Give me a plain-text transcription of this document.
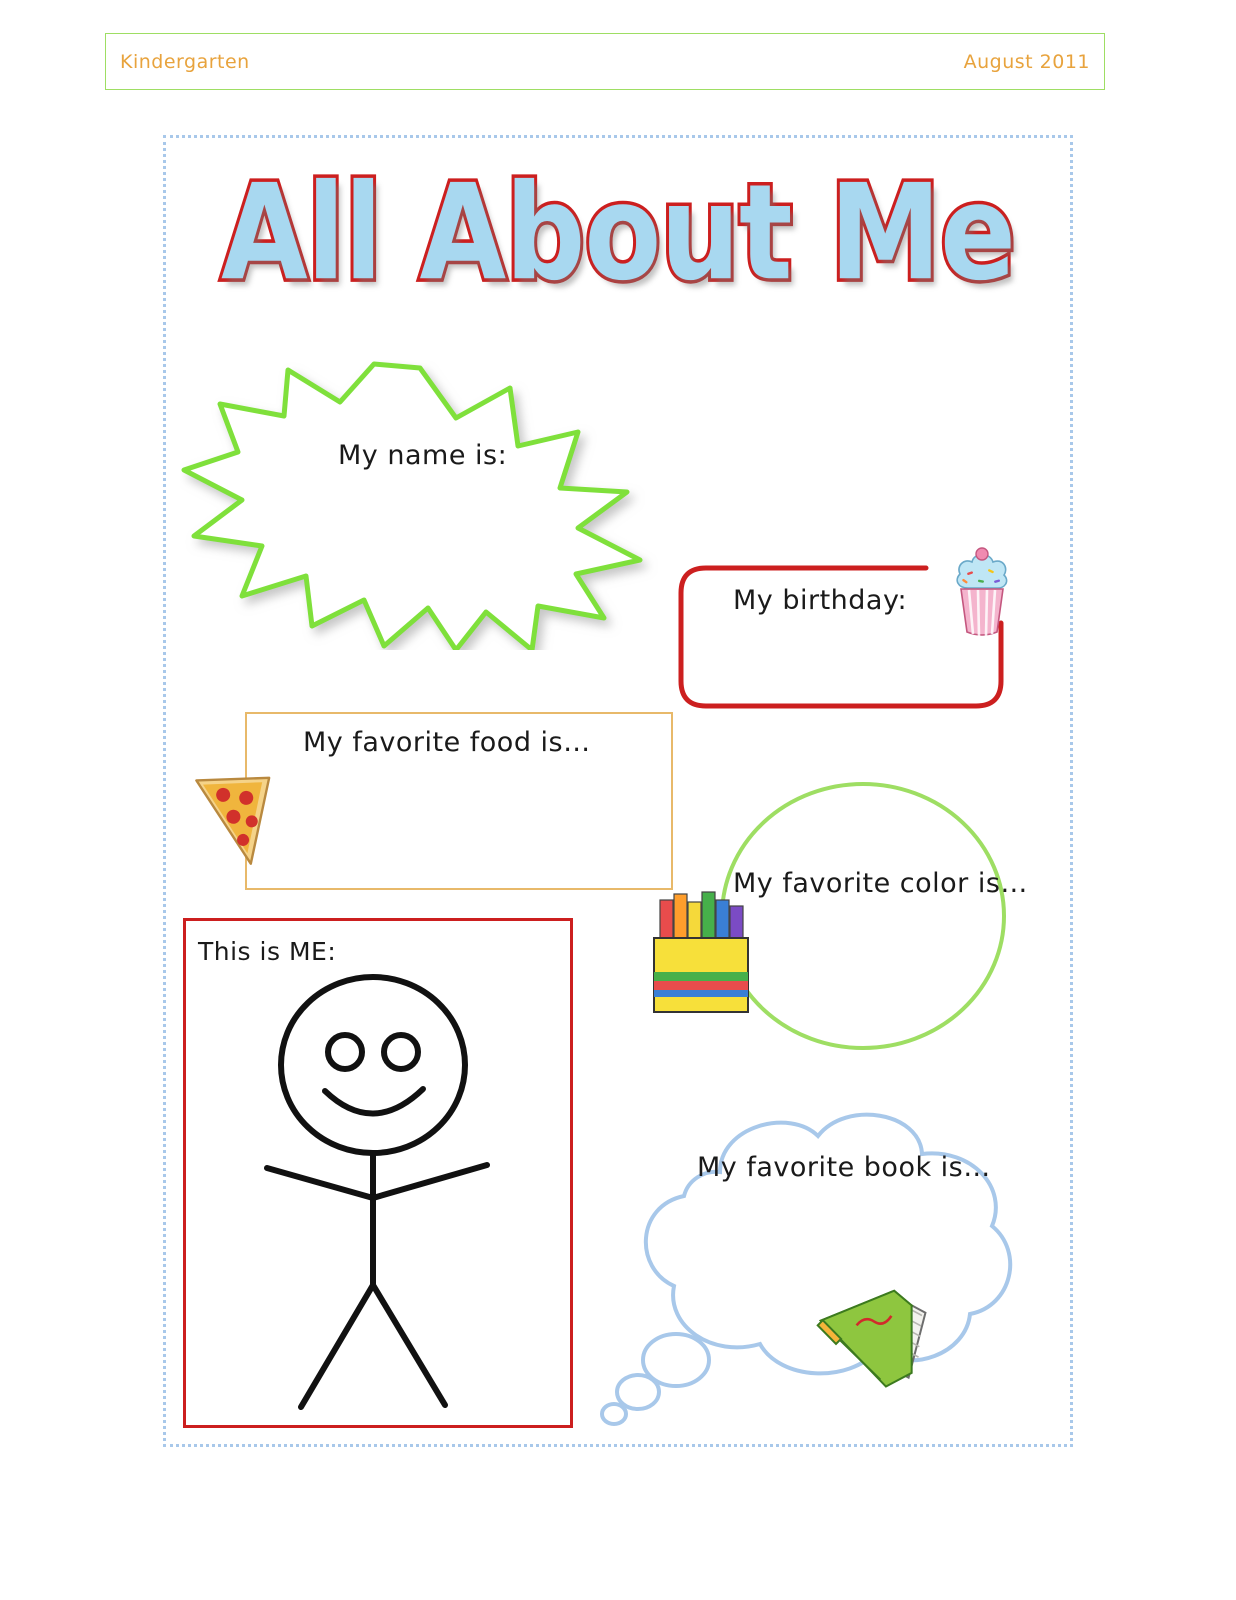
Kindergarten	August 2011
All About Me
My name is:
My birthday:
My favorite food is…
My favorite color is…
This is ME:
My favorite book is…
